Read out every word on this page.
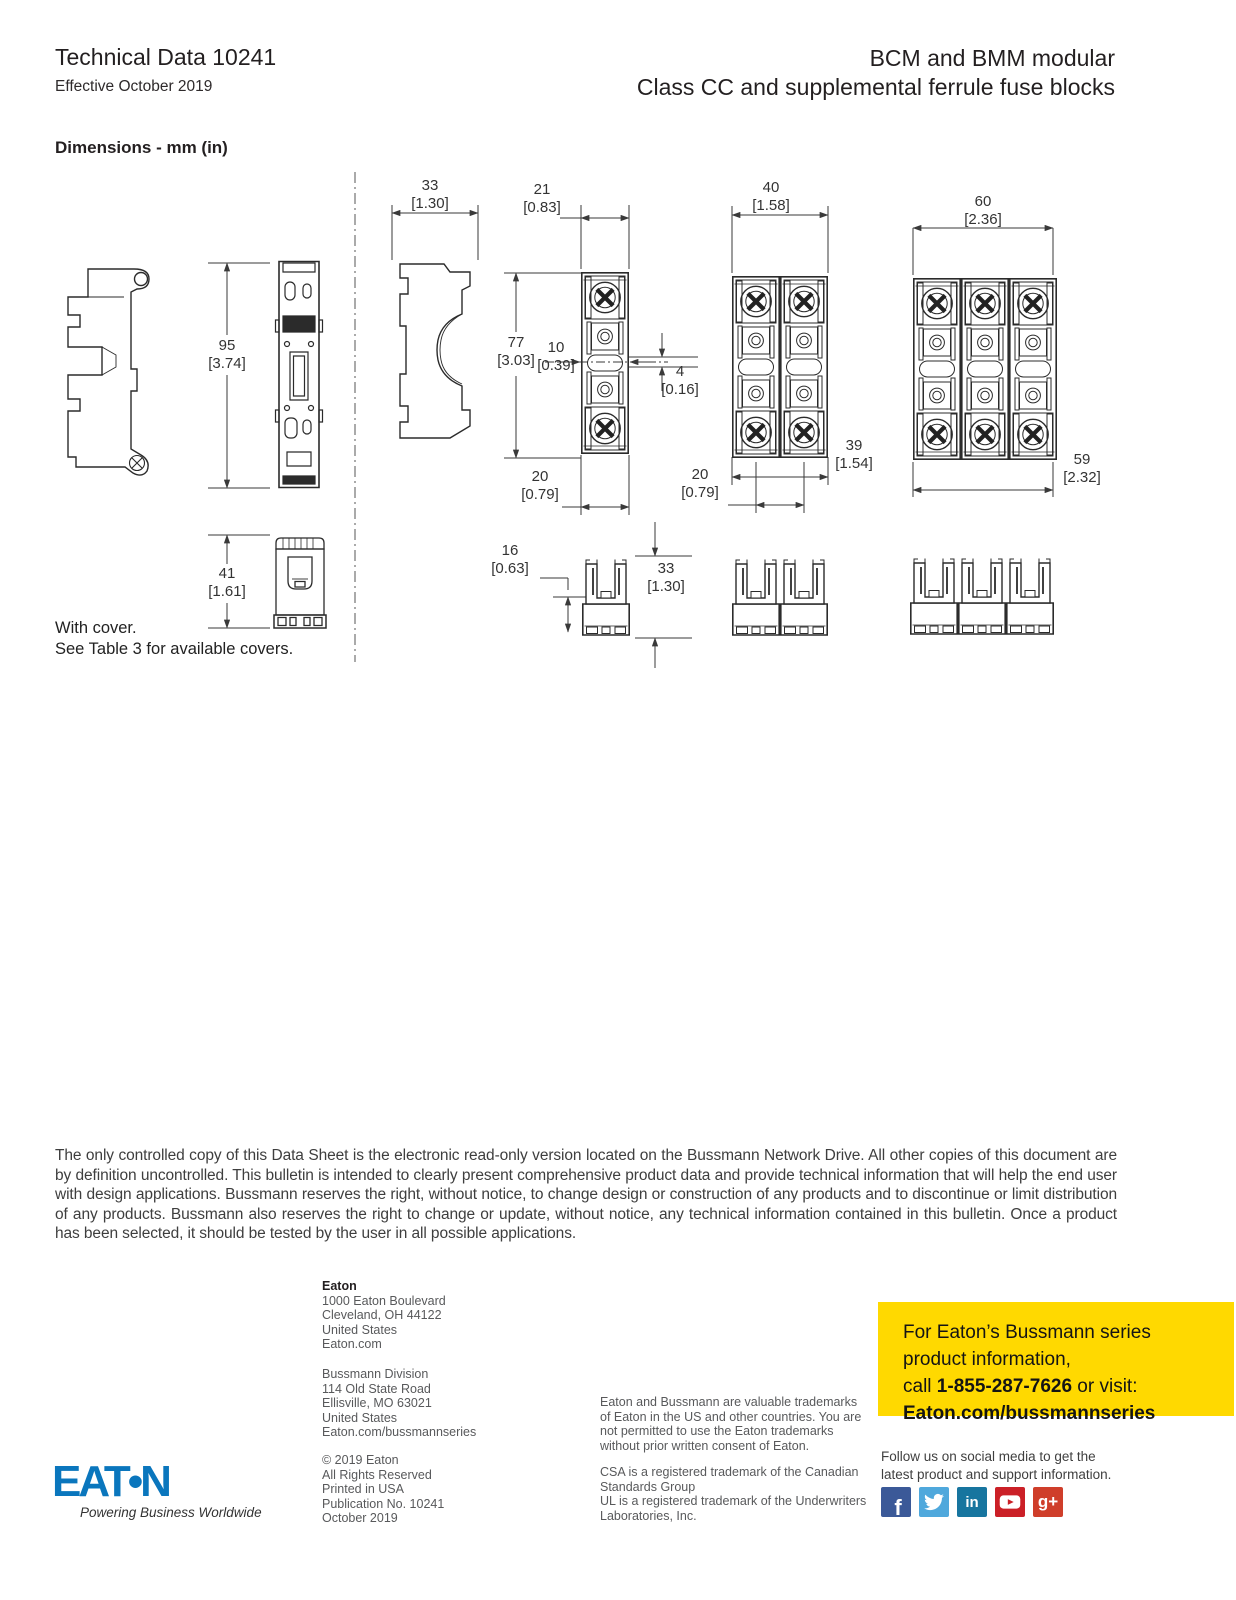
Technical Data 10241
Effective October 2019
BCM and BMM modular
Class CC and supplemental ferrule fuse blocks
Dimensions - mm (in)
33
[1.30]
21
[0.83]
40
[1.58]	60
[2.36]
95
[3.74]
77
[3.03]
10
[0.39]	4
[0.16]
20
[0.79]
20
[0.79]
39
[1.54]	59
[2.32]
41
[1.61]
16
[0.63]	33
[1.30]
With cover.
See Table 3 for available covers.
The only controlled copy of this Data Sheet is the electronic read-only version located on the Bussmann Network Drive. All other copies of this document are by definition uncontrolled. This bulletin is intended to clearly present comprehensive product data and provide technical information that will help the end user with design applications. Bussmann reserves the right, without notice, to change design or construction of any products and to discontinue or limit distribution of any products. Bussmann also reserves the right to change or update, without notice, any technical information contained in this bulletin. Once a product has been selected, it should be tested by the user in all possible applications.
Eaton
1000 Eaton Boulevard
Cleveland, OH 44122
United States
Eaton.com
Bussmann Division
114 Old State Road
Ellisville, MO 63021
United States
Eaton.com/bussmannseries
© 2019 Eaton
All Rights Reserved
Printed in USA
Publication No. 10241
October 2019
Eaton and Bussmann are valuable trademarks of Eaton in the US and other countries. You are not permitted to use the Eaton trademarks without prior written consent of Eaton.
CSA is a registered trademark of the Canadian Standards Group
UL is a registered trademark of the Underwriters Laboratories, Inc.
For Eaton’s Bussmann series
product information,
call 1-855-287-7626 or visit:
Eaton.com/bussmannseries
Follow us on social media to get the
latest product and support information.
f	in	g+
EAT•N
Powering Business Worldwide
